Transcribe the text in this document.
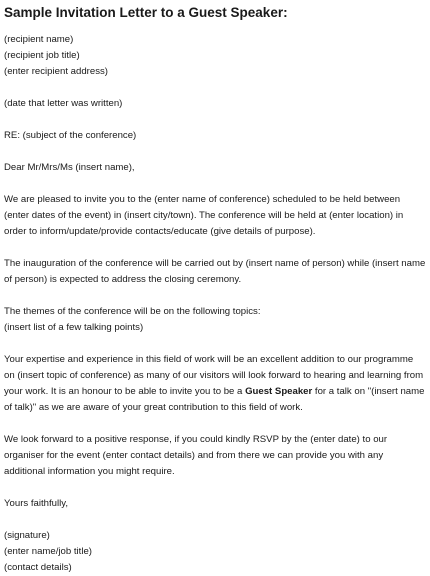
Sample Invitation Letter to a Guest Speaker:
(recipient name)
(recipient job title)
(enter recipient address)
(date that letter was written)
RE: (subject of the conference)
Dear Mr/Mrs/Ms (insert name),
We are pleased to invite you to the (enter name of conference) scheduled to be held between (enter dates of the event) in (insert city/town). The conference will be held at (enter location) in order to inform/update/provide contacts/educate (give details of purpose).
The inauguration of the conference will be carried out by (insert name of person) while (insert name of person) is expected to address the closing ceremony.
The themes of the conference will be on the following topics:
(insert list of a few talking points)

Your expertise and experience in this field of work will be an excellent addition to our programme on (insert topic of conference) as many of our visitors will look forward to hearing and learning from your work. It is an honour to be able to invite you to be a Guest Speaker for a talk on "(insert name of talk)" as we are aware of your great contribution to this field of work.

We look forward to a positive response, if you could kindly RSVP by the (enter date) to our organiser for the event (enter contact details) and from there we can provide you with any additional information you might require.
Yours faithfully,
(signature)
(enter name/job title)
(contact details)
